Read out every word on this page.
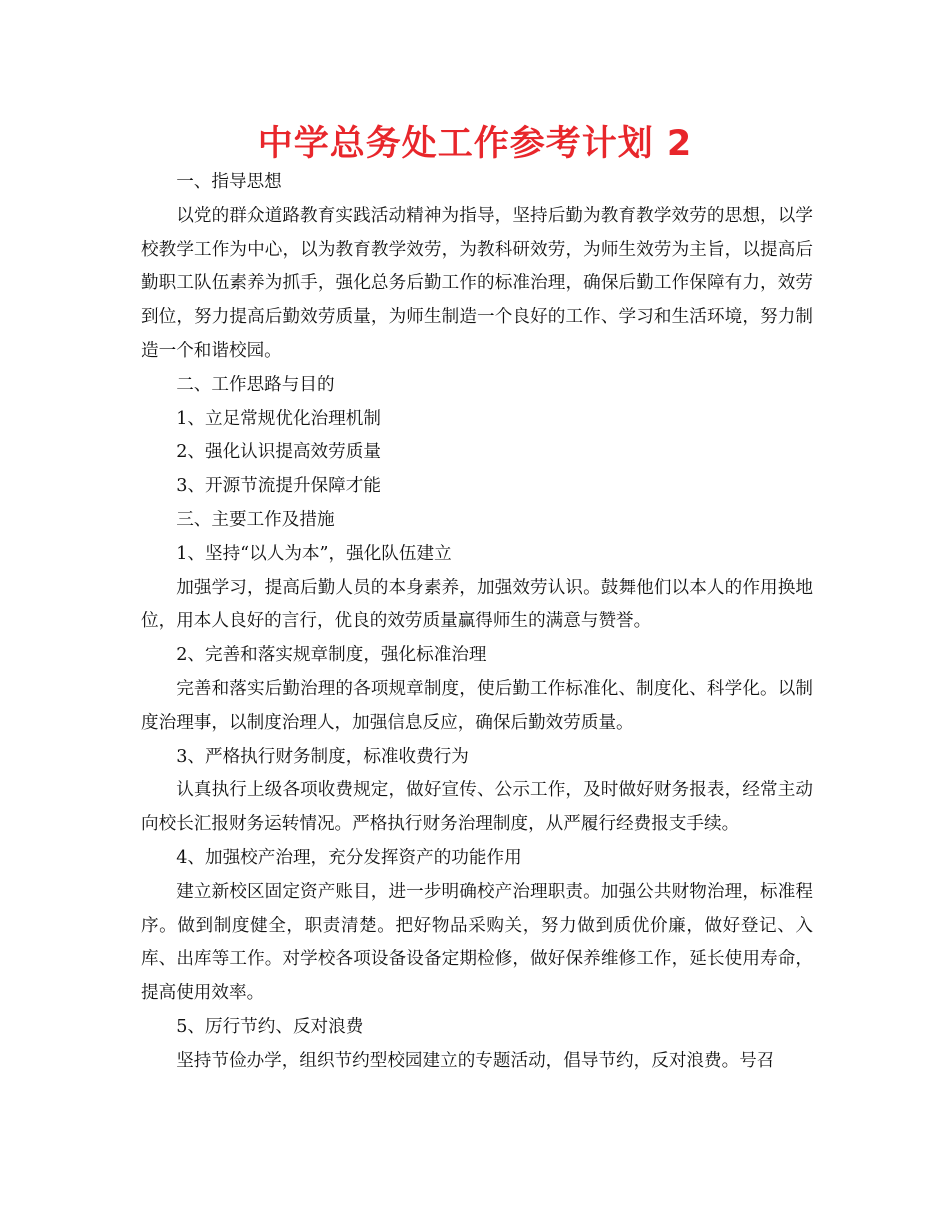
中学总务处工作参考计划 2

一、指导思想

以党的群众道路教育实践活动精神为指导，坚持后勤为教育教学效劳的思想，以学校教学工作为中心，以为教育教学效劳，为教科研效劳，为师生效劳为主旨，以提高后勤职工队伍素养为抓手，强化总务后勤工作的标准治理，确保后勤工作保障有力，效劳到位，努力提高后勤效劳质量，为师生制造一个良好的工作、学习和生活环境，努力制造一个和谐校园。

二、工作思路与目的

1、立足常规优化治理机制

2、强化认识提高效劳质量

3、开源节流提升保障才能

三、主要工作及措施

1、坚持“以人为本”，强化队伍建立

加强学习，提高后勤人员的本身素养，加强效劳认识。鼓舞他们以本人的作用换地位，用本人良好的言行，优良的效劳质量赢得师生的满意与赞誉。

2、完善和落实规章制度，强化标准治理

完善和落实后勤治理的各项规章制度，使后勤工作标准化、制度化、科学化。以制度治理事，以制度治理人，加强信息反应，确保后勤效劳质量。

3、严格执行财务制度，标准收费行为

认真执行上级各项收费规定，做好宣传、公示工作，及时做好财务报表，经常主动向校长汇报财务运转情况。严格执行财务治理制度，从严履行经费报支手续。

4、加强校产治理，充分发挥资产的功能作用

建立新校区固定资产账目，进一步明确校产治理职责。加强公共财物治理，标准程序。做到制度健全，职责清楚。把好物品采购关，努力做到质优价廉，做好登记、入库、出库等工作。对学校各项设备设备定期检修，做好保养维修工作，延长使用寿命，提高使用效率。

5、厉行节约、反对浪费

坚持节俭办学，组织节约型校园建立的专题活动，倡导节约，反对浪费。号召
